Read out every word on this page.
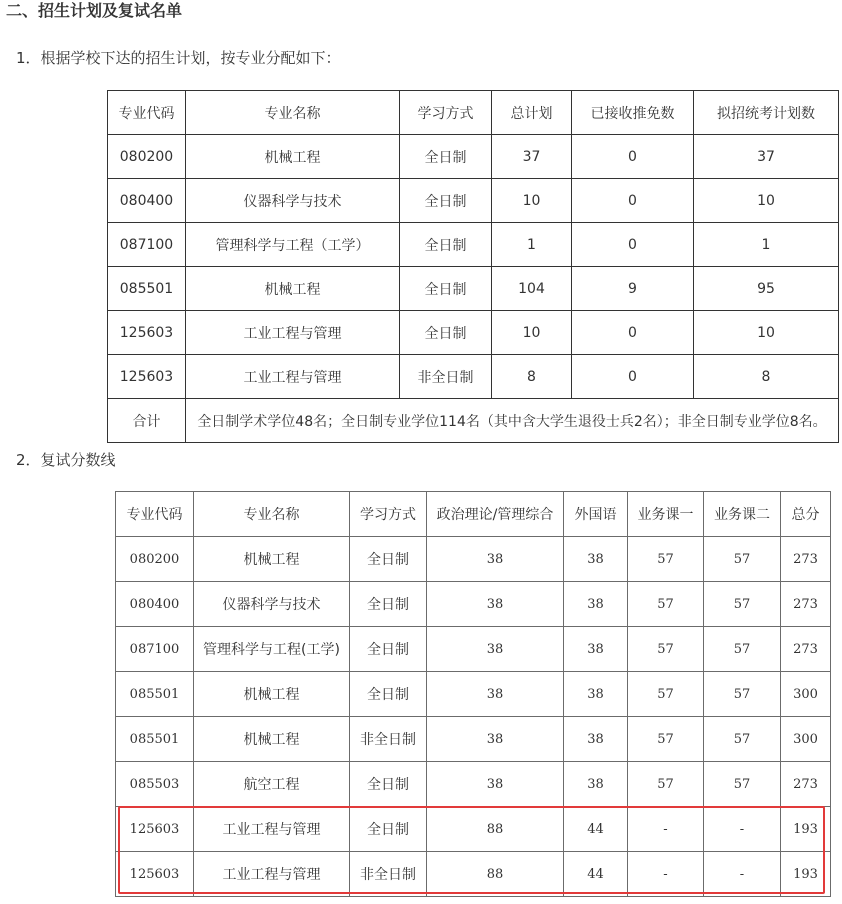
二、招生计划及复试名单
1．根据学校下达的招生计划，按专业分配如下：
专业代码	专业名称	学习方式	总计划	已接收推免数	拟招统考计划数
080200	机械工程	全日制	37	0	37
080400	仪器科学与技术	全日制	10	0	10
087100	管理科学与工程（工学）	全日制	1	0	1
085501	机械工程	全日制	104	9	95
125603	工业工程与管理	全日制	10	0	10
125603	工业工程与管理	非全日制	8	0	8
合计	全日制学术学位48名；全日制专业学位114名（其中含大学生退役士兵2名）；非全日制专业学位8名。				
2．复试分数线
专业代码	专业名称	学习方式	政治理论/管理综合	外国语	业务课一	业务课二	总分
080200	机械工程	全日制	38	38	57	57	273
080400	仪器科学与技术	全日制	38	38	57	57	273
087100	管理科学与工程(工学)	全日制	38	38	57	57	273
085501	机械工程	全日制	38	38	57	57	300
085501	机械工程	非全日制	38	38	57	57	300
085503	航空工程	全日制	38	38	57	57	273
125603	工业工程与管理	全日制	88	44	-	-	193
125603	工业工程与管理	非全日制	88	44	-	-	193
